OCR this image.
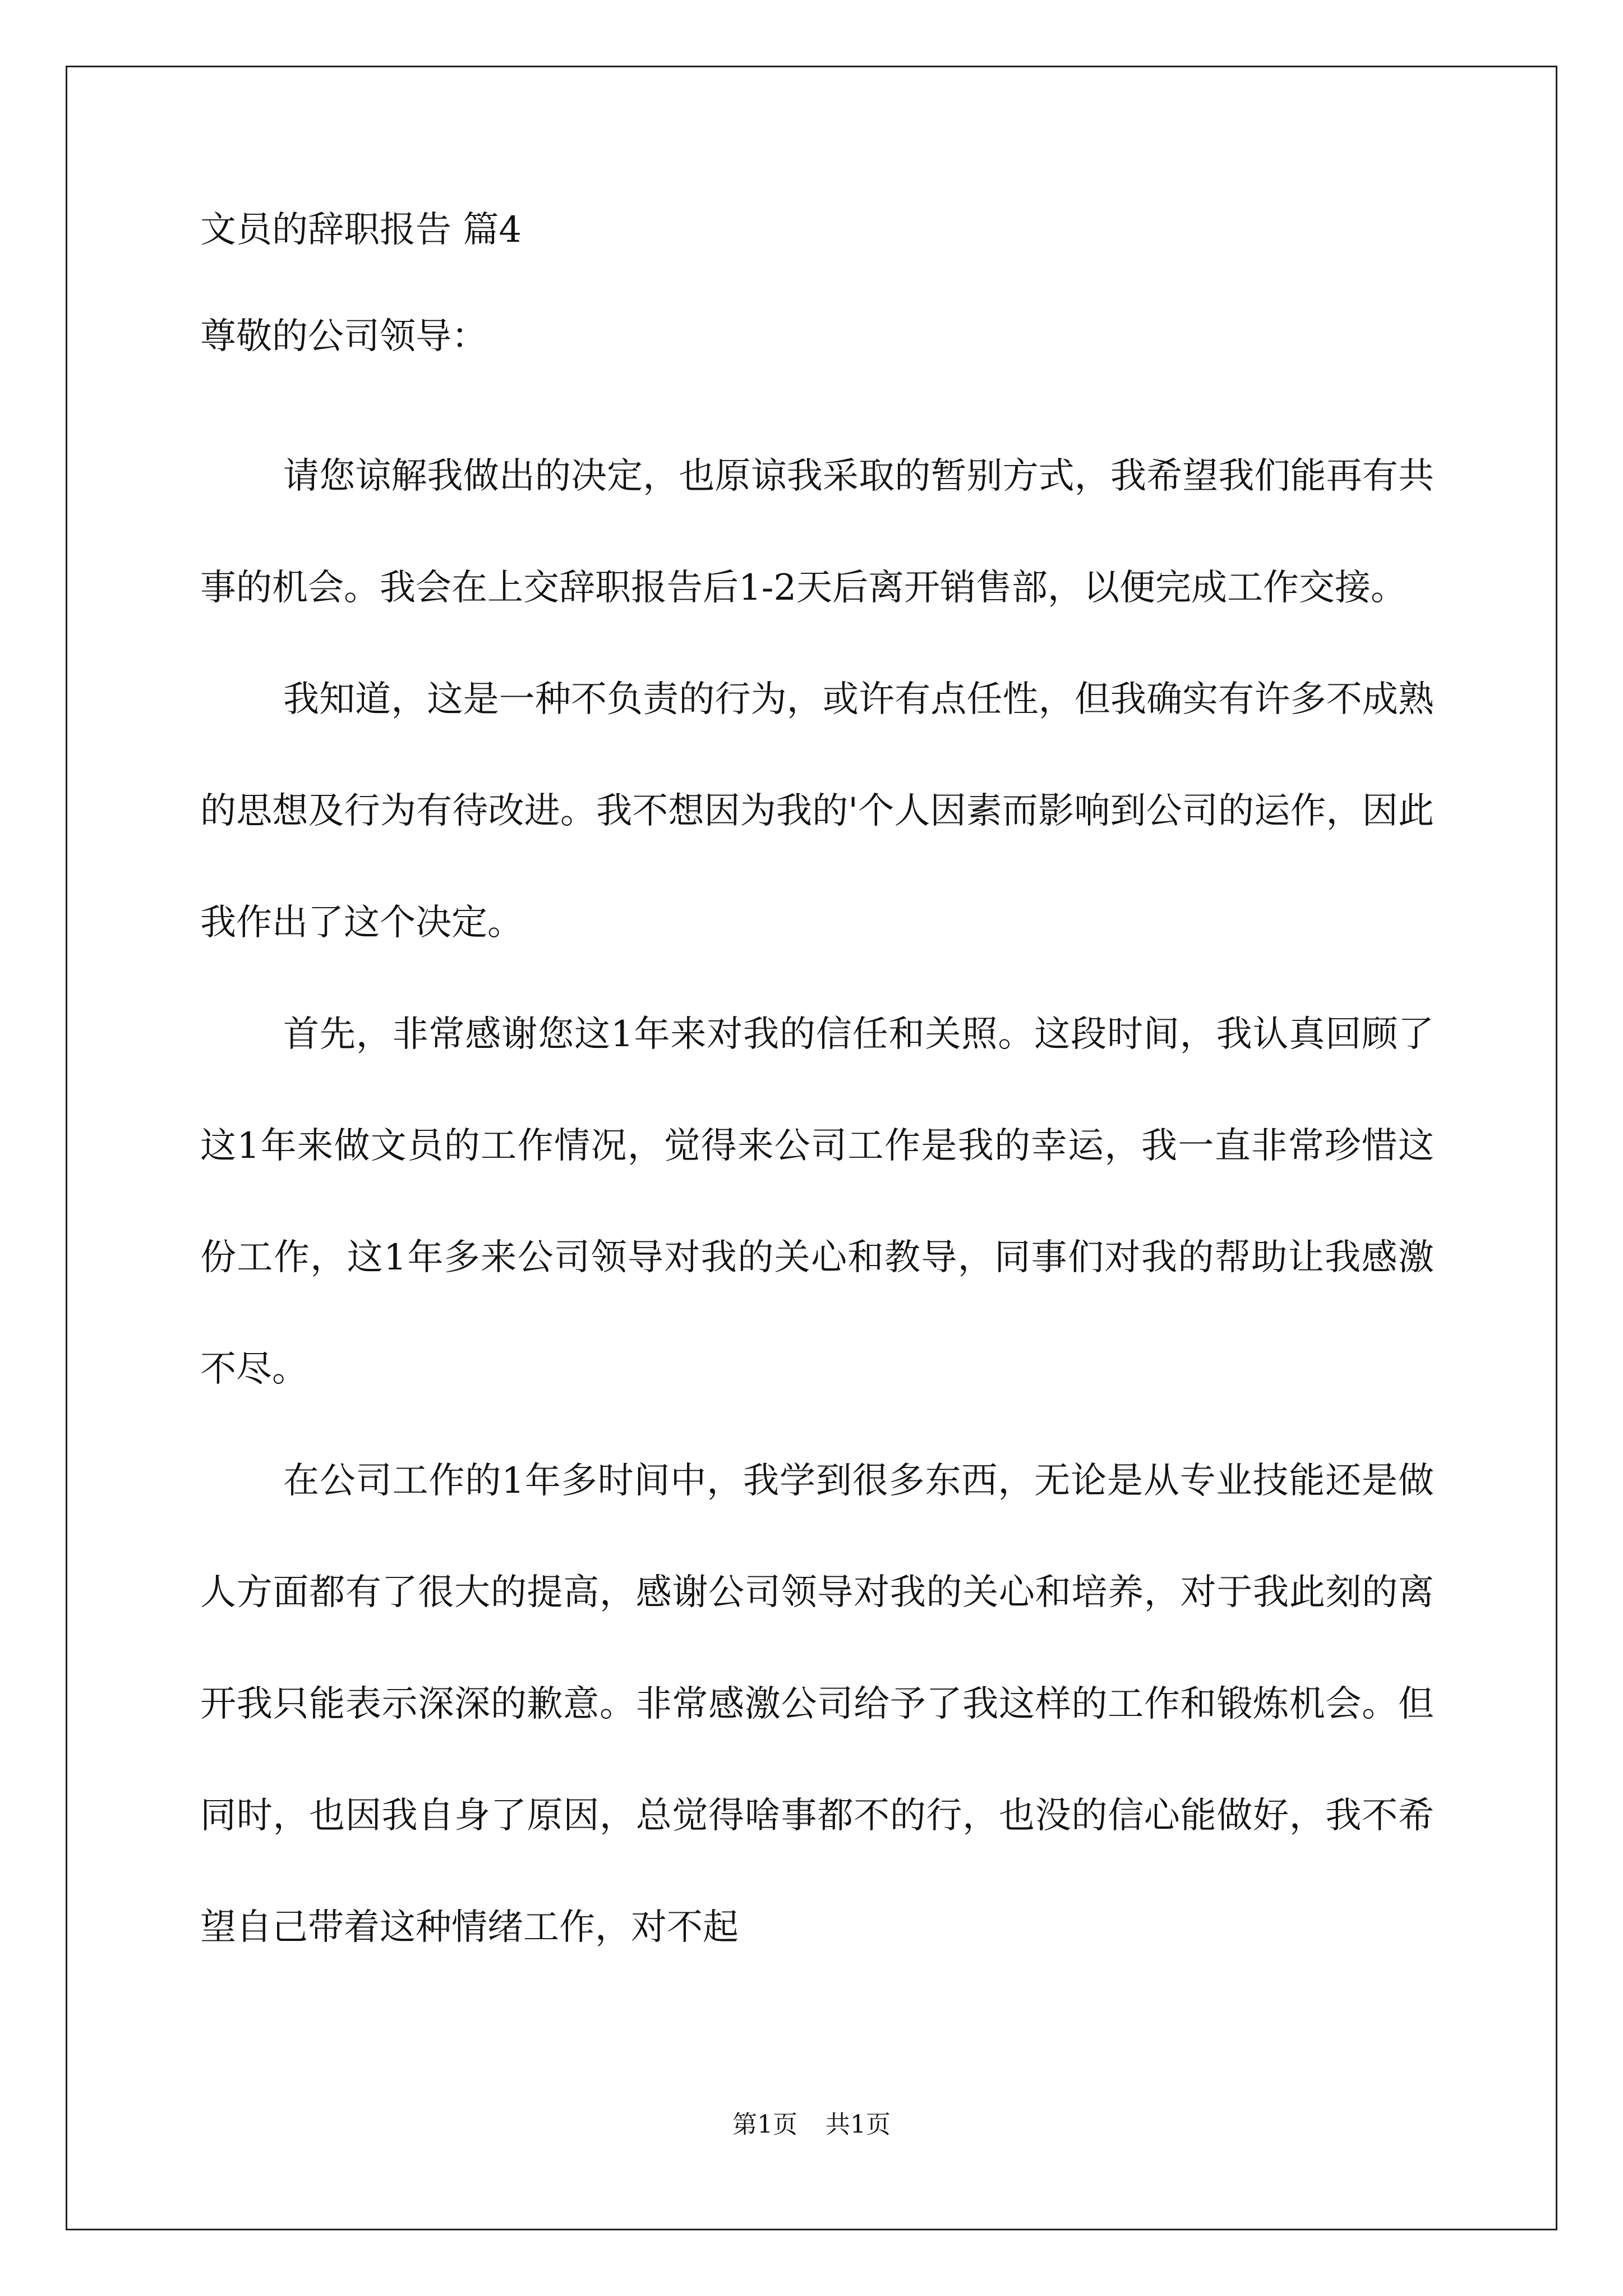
文员的辞职报告 篇4
尊敬的公司领导：

请您谅解我做出的决定，也原谅我采取的暂别方式，我希望我们能再有共事的机会。我会在上交辞职报告后1-2天后离开销售部，以便完成工作交接。

我知道，这是一种不负责的行为，或许有点任性，但我确实有许多不成熟的思想及行为有待改进。我不想因为我的'个人因素而影响到公司的运作，因此我作出了这个决定。

首先，非常感谢您这1年来对我的信任和关照。这段时间，我认真回顾了这1年来做文员的工作情况，觉得来公司工作是我的幸运，我一直非常珍惜这份工作，这1年多来公司领导对我的关心和教导，同事们对我的帮助让我感激不尽。

在公司工作的1年多时间中，我学到很多东西，无论是从专业技能还是做人方面都有了很大的提高，感谢公司领导对我的关心和培养，对于我此刻的离开我只能表示深深的歉意。非常感激公司给予了我这样的工作和锻炼机会。但同时，也因我自身了原因，总觉得啥事都不的行，也没的信心能做好，我不希望自己带着这种情绪工作，对不起

第1页 共1页
